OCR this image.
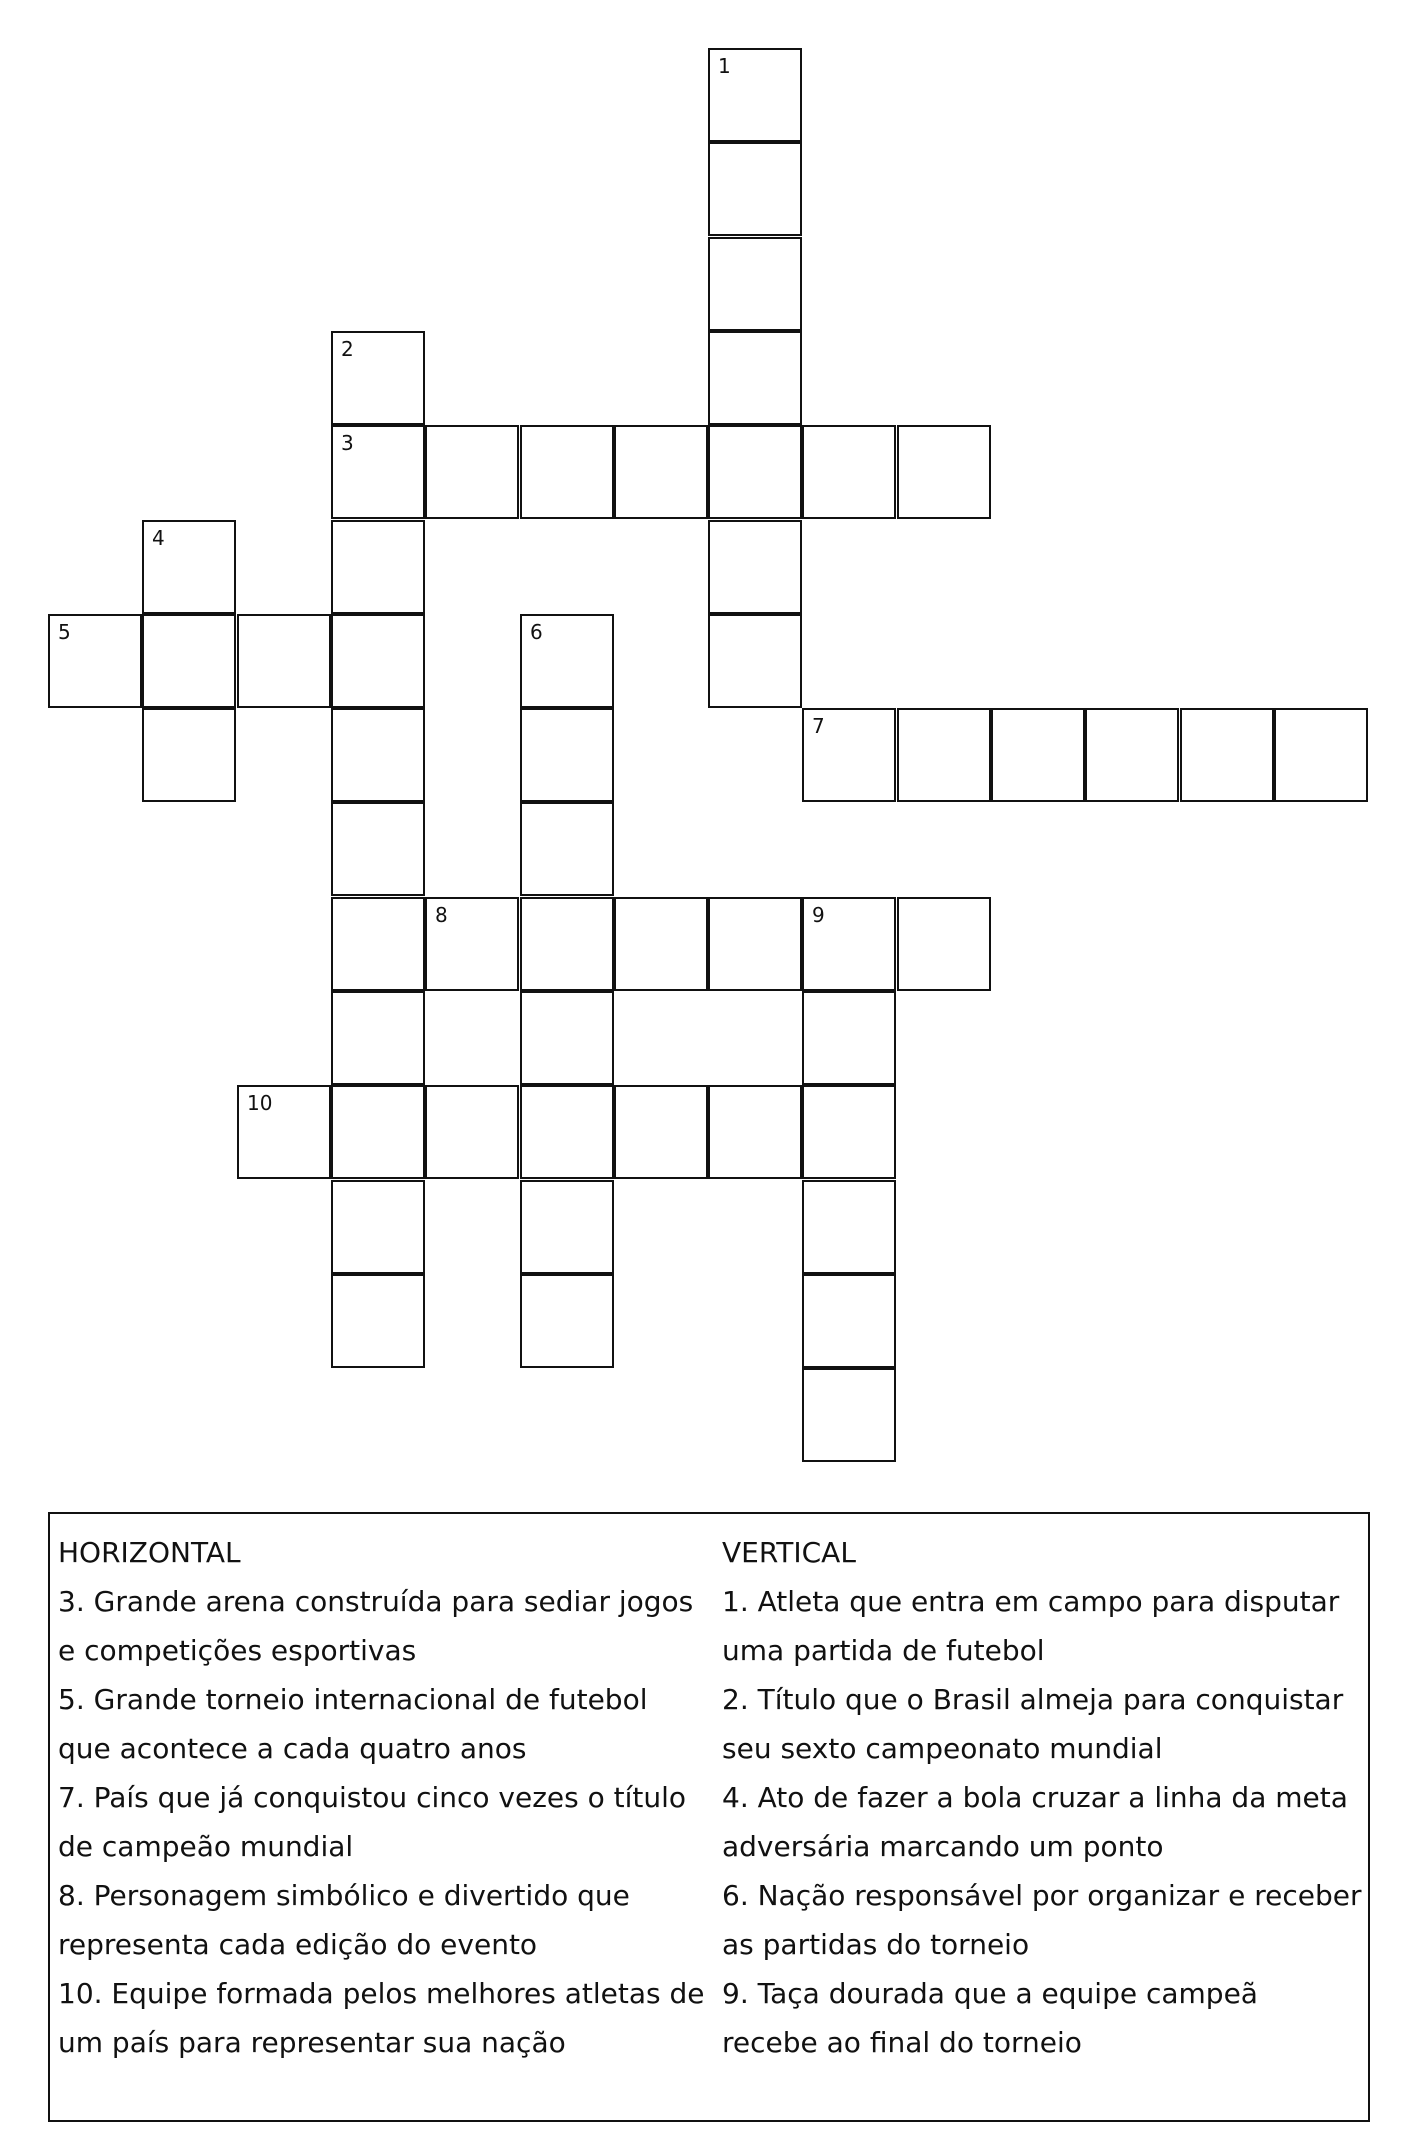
1
2
3
4
5	6
7
8	9
10

HORIZONTAL

3. Grande arena construída para sediar jogos e competições esportivas

5. Grande torneio internacional de futebol que acontece a cada quatro anos

7. País que já conquistou cinco vezes o título de campeão mundial

8. Personagem simbólico e divertido que representa cada edição do evento

10. Equipe formada pelos melhores atletas de um país para representar sua nação

VERTICAL

1. Atleta que entra em campo para disputar uma partida de futebol

2. Título que o Brasil almeja para conquistar seu sexto campeonato mundial

4. Ato de fazer a bola cruzar a linha da meta adversária marcando um ponto

6. Nação responsável por organizar e receber as partidas do torneio

9. Taça dourada que a equipe campeã recebe ao final do torneio
